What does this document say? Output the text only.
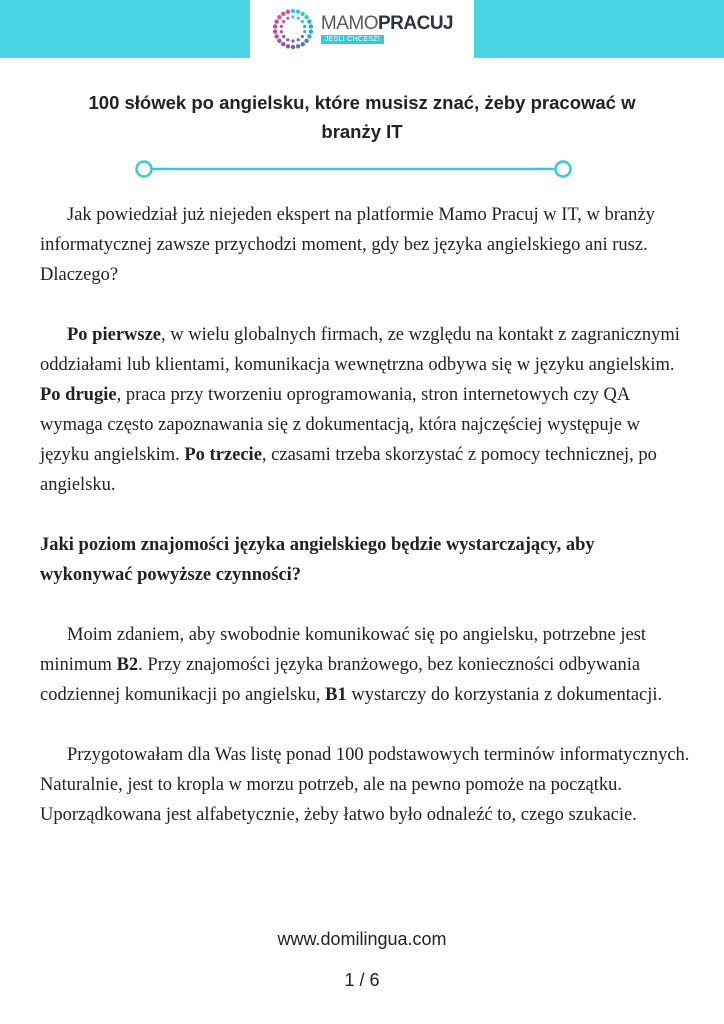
MAMOPRACUJ
JEŚLI CHCESZ!
100 słówek po angielsku, które musisz znać, żeby pracować w branży IT

Jak powiedział już niejeden ekspert na platformie Mamo Pracuj w IT, w branży informatycznej zawsze przychodzi moment, gdy bez języka angielskiego ani rusz. Dlaczego?

Po pierwsze, w wielu globalnych firmach, ze względu na kontakt z zagranicznymi oddziałami lub klientami, komunikacja wewnętrzna odbywa się w języku angielskim. Po drugie, praca przy tworzeniu oprogramowania, stron internetowych czy QA wymaga często zapoznawania się z dokumentacją, która najczęściej występuje w języku angielskim. Po trzecie, czasami trzeba skorzystać z pomocy technicznej, po angielsku.

Jaki poziom znajomości języka angielskiego będzie wystarczający, aby wykonywać powyższe czynności?

Moim zdaniem, aby swobodnie komunikować się po angielsku, potrzebne jest minimum B2. Przy znajomości języka branżowego, bez konieczności odbywania codziennej komunikacji po angielsku, B1 wystarczy do korzystania z dokumentacji.

Przygotowałam dla Was listę ponad 100 podstawowych terminów informatycznych. Naturalnie, jest to kropla w morzu potrzeb, ale na pewno pomoże na początku. Uporządkowana jest alfabetycznie, żeby łatwo było odnaleźć to, czego szukacie.

www.domilingua.com
1 / 6
